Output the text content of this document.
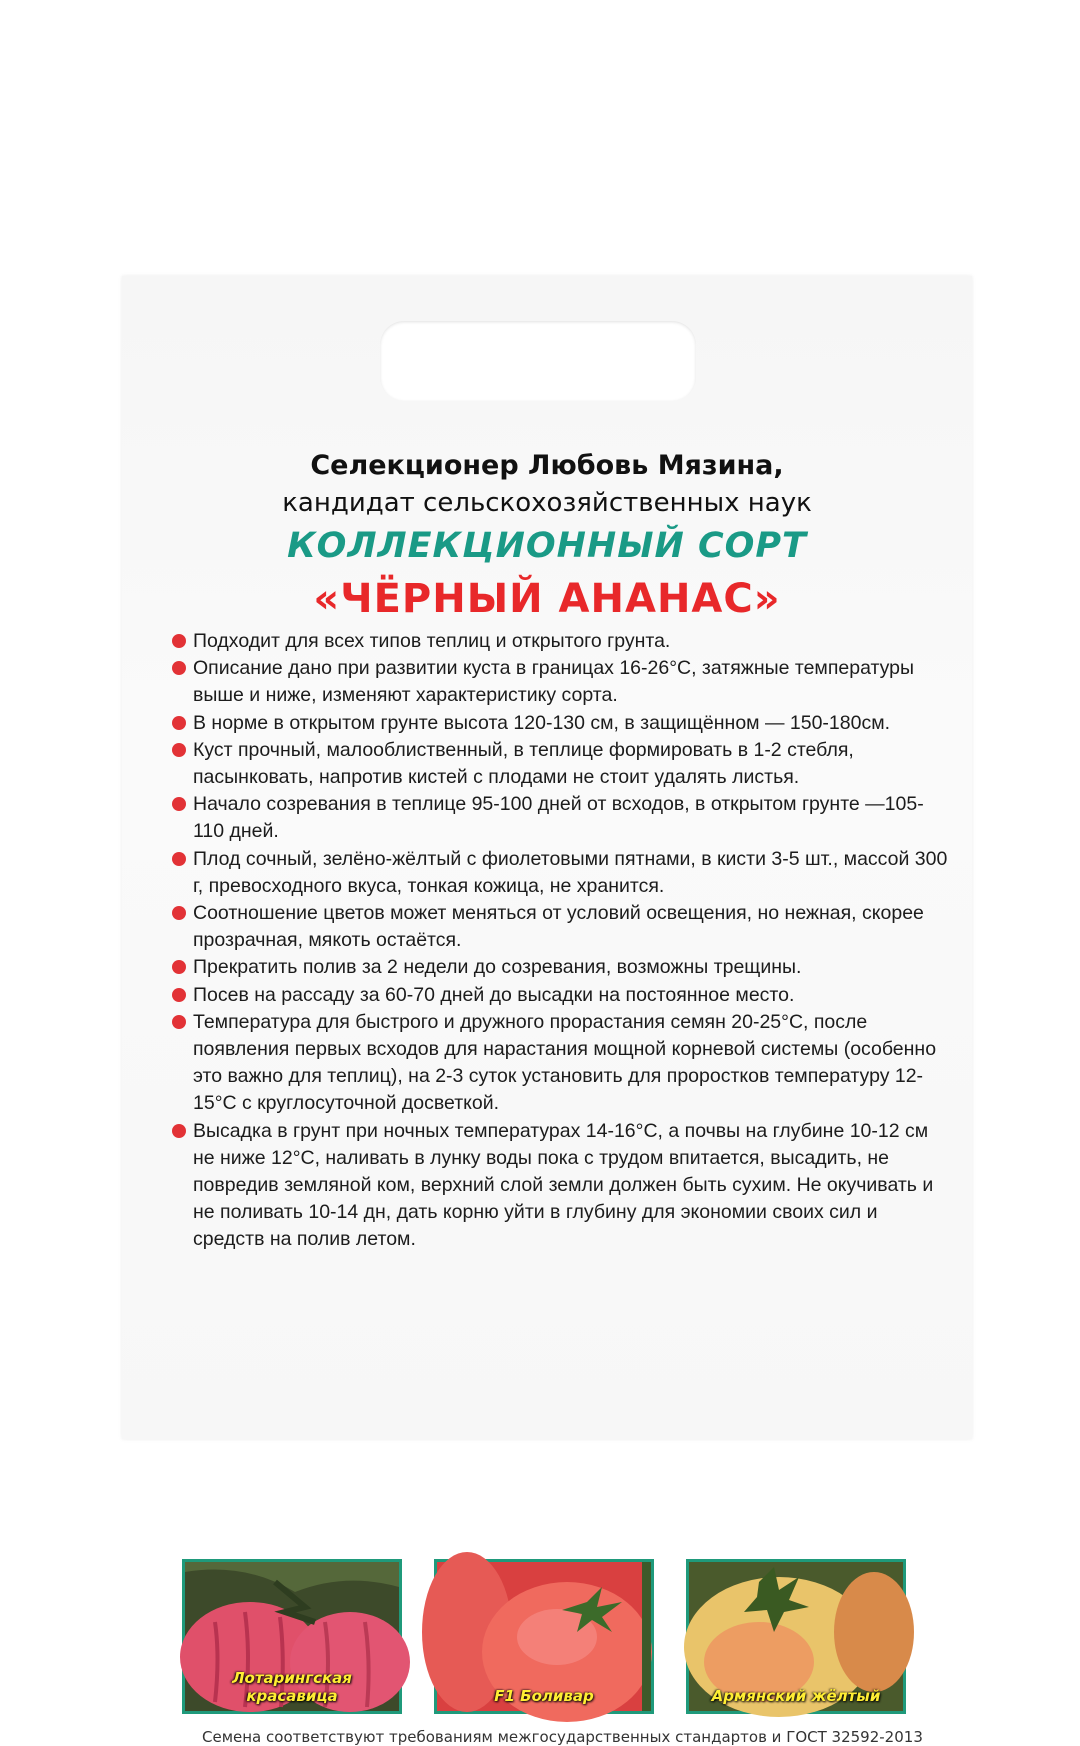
Селекционер Любовь Мязина,
кандидат сельскохозяйственных наук
КОЛЛЕКЦИОННЫЙ СОРТ
«ЧЁРНЫЙ АНАНАС»
Подходит для всех типов теплиц и открытого грунта.
Описание дано при развитии куста в границах 16-26°С, затяжные температуры выше и ниже, изменяют характеристику сорта.
В норме в открытом грунте высота 120-130 см, в защищённом — 150-180см.
Куст прочный, малооблиственный, в теплице формировать в 1-2 стебля, пасынковать, напротив кистей с плодами не стоит удалять листья.
Начало созревания в теплице 95-100 дней от всходов, в открытом грунте —105-110 дней.
Плод сочный, зелёно-жёлтый с фиолетовыми пятнами, в кисти 3-5 шт., массой 300 г, превосходного вкуса, тонкая кожица, не хранится.
Соотношение цветов может меняться от условий освещения, но нежная, скорее прозрачная, мякоть остаётся.
Прекратить полив за 2 недели до созревания, возможны трещины.
Посев на рассаду за 60-70 дней до высадки на постоянное место.
Температура для быстрого и дружного прорастания семян 20-25°С, после появления первых всходов для нарастания мощной корневой системы (особенно это важно для теплиц), на 2-3 суток установить для проростков температуру 12-15°С с круглосуточной досветкой.
Высадка в грунт при ночных температурах 14-16°С, а почвы на глубине 10-12 см не ниже 12°С, наливать в лунку воды пока с трудом впитается, высадить, не повредив земляной ком, верхний слой земли должен быть сухим. Не окучивать и не поливать 10-14 дн, дать корню уйти в глубину для экономии своих сил и средств на полив летом.
Лотарингская красавица	F1 Боливар	Армянский жёлтый
Семена соответствуют требованиям межгосударственных стандартов и ГОСТ 32592-2013
